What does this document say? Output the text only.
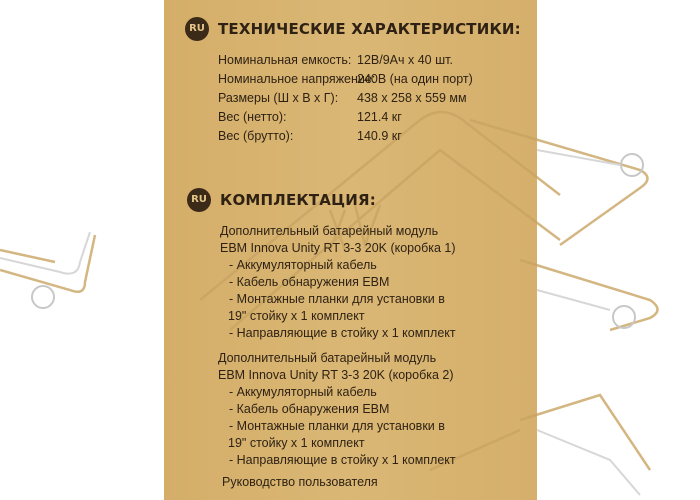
RU ТЕХНИЧЕСКИЕ ХАРАКТЕРИСТИКИ:
Номинальная емкость: 12В/9Ач х 40 шт.
Номинальное напряжение:
240В (на один порт)
Размеры (Ш х В х Г): 438 x 258 x 559 мм
Вес (нетто):	121.4 кг
Вес (брутто):	140.9 кг
RU КОМПЛЕКТАЦИЯ:
Дополнительный батарейный модуль
EBM Innova Unity RT 3-3 20K (коробка 1)
- Аккумуляторный кабель
- Кабель обнаружения EBM
- Монтажные планки для установки в
19" стойку х 1 комплект
- Направляющие в стойку х 1 комплект
Дополнительный батарейный модуль
EBM Innova Unity RT 3-3 20K (коробка 2)
- Аккумуляторный кабель
- Кабель обнаружения EBM
- Монтажные планки для установки в
19" стойку х 1 комплект
- Направляющие в стойку х 1 комплект
Руководство пользователя
